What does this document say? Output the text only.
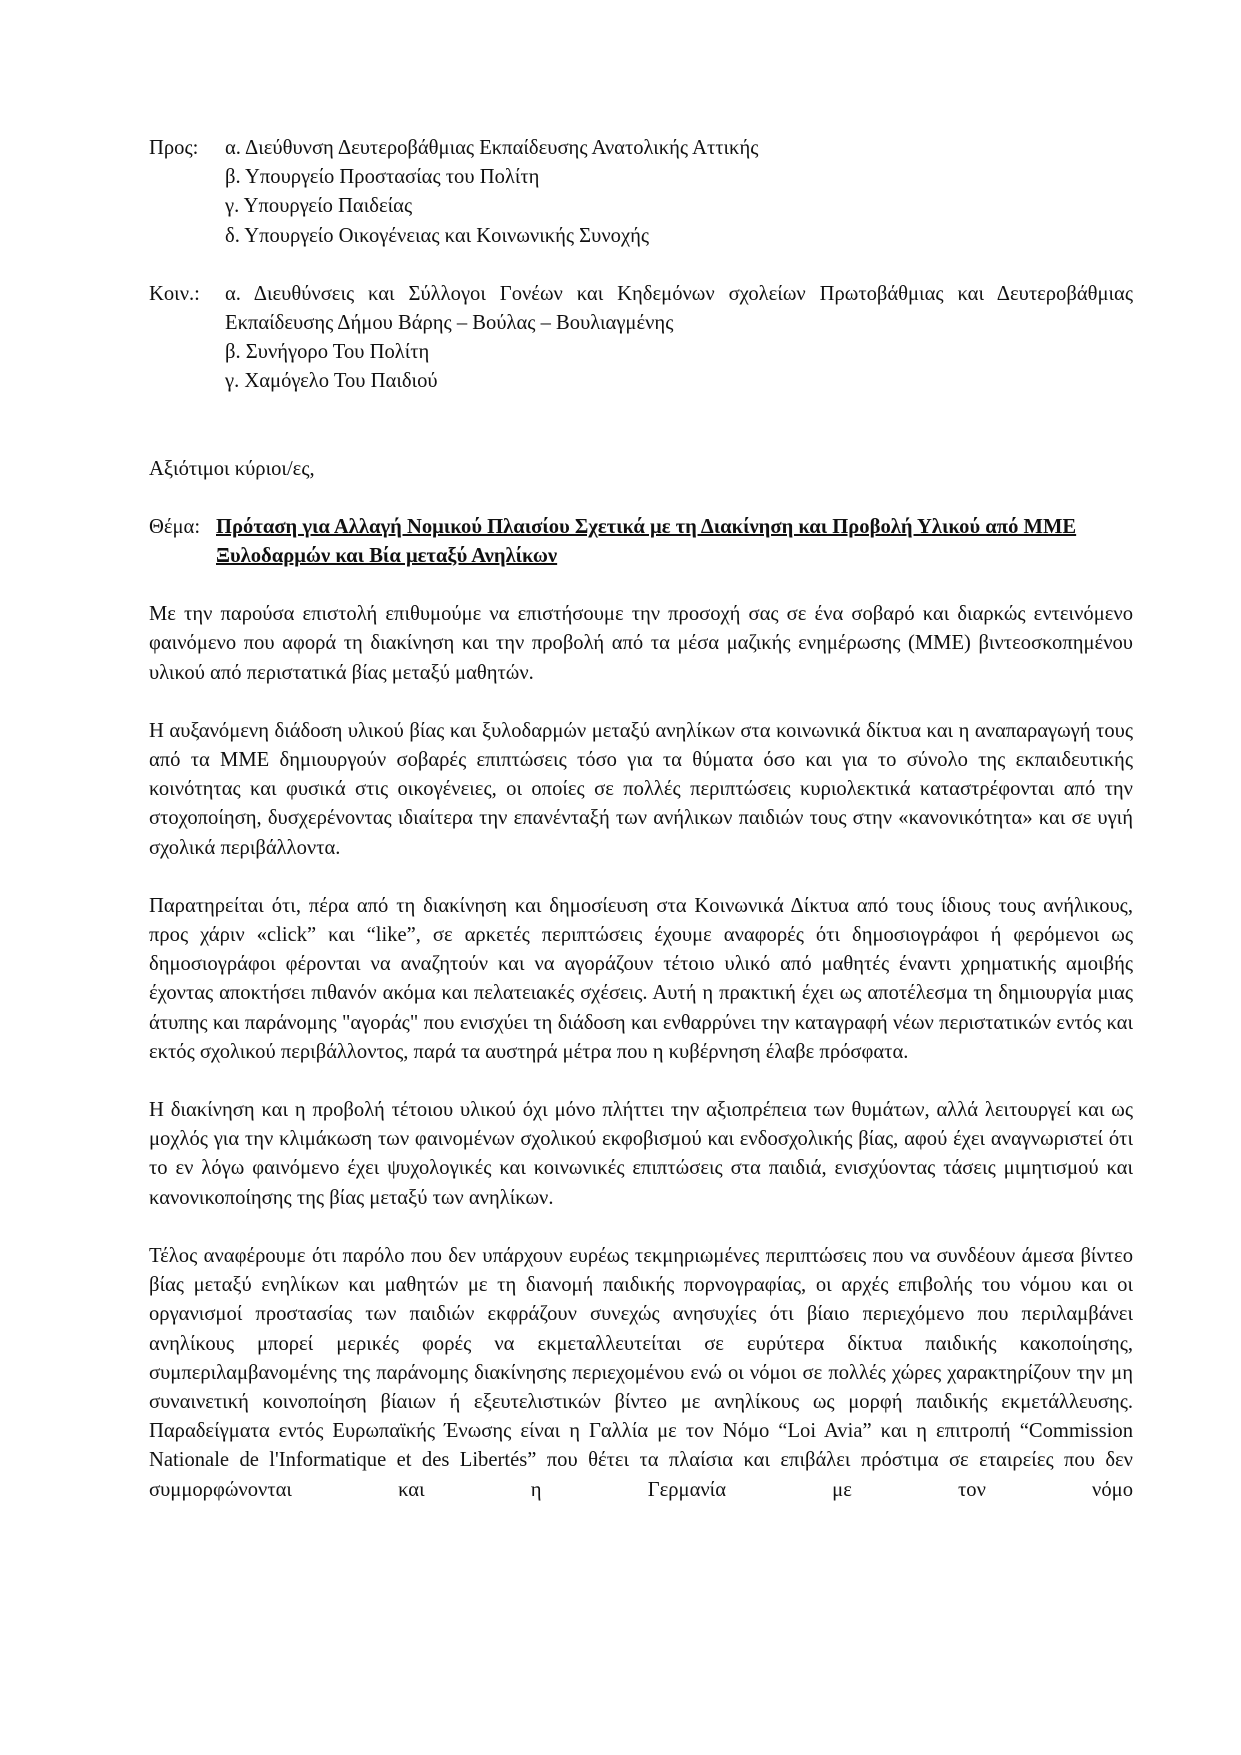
Προς:	α. Διεύθυνση Δευτεροβάθμιας Εκπαίδευσης Ανατολικής Αττικής
β. Υπουργείο Προστασίας του Πολίτη
γ. Υπουργείο Παιδείας
δ. Υπουργείο Οικογένειας και Κοινωνικής Συνοχής
Κοιν.:	α. Διευθύνσεις και Σύλλογοι Γονέων και Κηδεμόνων σχολείων Πρωτοβάθμιας και Δευτεροβάθμιας Εκπαίδευσης Δήμου Βάρης – Βούλας – Βουλιαγμένης
β. Συνήγορο Του Πολίτη
γ. Χαμόγελο Του Παιδιού
Αξιότιμοι κύριοι/ες,
Θέμα: Πρόταση για Αλλαγή Νομικού Πλαισίου Σχετικά με τη Διακίνηση και Προβολή Υλικού από ΜΜΕ Ξυλοδαρμών και Βία μεταξύ Ανηλίκων

Με την παρούσα επιστολή επιθυμούμε να επιστήσουμε την προσοχή σας σε ένα σοβαρό και διαρκώς εντεινόμενο φαινόμενο που αφορά τη διακίνηση και την προβολή από τα μέσα μαζικής ενημέρωσης (ΜΜΕ) βιντεοσκοπημένου υλικού από περιστατικά βίας μεταξύ μαθητών.

Η αυξανόμενη διάδοση υλικού βίας και ξυλοδαρμών μεταξύ ανηλίκων στα κοινωνικά δίκτυα και η αναπαραγωγή τους από τα ΜΜΕ δημιουργούν σοβαρές επιπτώσεις τόσο για τα θύματα όσο και για το σύνολο της εκπαιδευτικής κοινότητας και φυσικά στις οικογένειες, οι οποίες σε πολλές περιπτώσεις κυριολεκτικά καταστρέφονται από την στοχοποίηση, δυσχερένοντας ιδιαίτερα την επανένταξή των ανήλικων παιδιών τους στην «κανονικότητα» και σε υγιή σχολικά περιβάλλοντα.

Παρατηρείται ότι, πέρα από τη διακίνηση και δημοσίευση στα Κοινωνικά Δίκτυα από τους ίδιους τους ανήλικους, προς χάριν «click” και “like”, σε αρκετές περιπτώσεις έχουμε αναφορές ότι δημοσιογράφοι ή φερόμενοι ως δημοσιογράφοι φέρονται να αναζητούν και να αγοράζουν τέτοιο υλικό από μαθητές έναντι χρηματικής αμοιβής έχοντας αποκτήσει πιθανόν ακόμα και πελατειακές σχέσεις. Αυτή η πρακτική έχει ως αποτέλεσμα τη δημιουργία μιας άτυπης και παράνομης "αγοράς" που ενισχύει τη διάδοση και ενθαρρύνει την καταγραφή νέων περιστατικών εντός και εκτός σχολικού περιβάλλοντος, παρά τα αυστηρά μέτρα που η κυβέρνηση έλαβε πρόσφατα.

Η διακίνηση και η προβολή τέτοιου υλικού όχι μόνο πλήττει την αξιοπρέπεια των θυμάτων, αλλά λειτουργεί και ως μοχλός για την κλιμάκωση των φαινομένων σχολικού εκφοβισμού και ενδοσχολικής βίας, αφού έχει αναγνωριστεί ότι το εν λόγω φαινόμενο έχει ψυχολογικές και κοινωνικές επιπτώσεις στα παιδιά, ενισχύοντας τάσεις μιμητισμού και κανονικοποίησης της βίας μεταξύ των ανηλίκων.

Τέλος αναφέρουμε ότι παρόλο που δεν υπάρχουν ευρέως τεκμηριωμένες περιπτώσεις που να συνδέουν άμεσα βίντεο βίας μεταξύ ενηλίκων και μαθητών με τη διανομή παιδικής πορνογραφίας, οι αρχές επιβολής του νόμου και οι οργανισμοί προστασίας των παιδιών εκφράζουν συνεχώς ανησυχίες ότι βίαιο περιεχόμενο που περιλαμβάνει ανηλίκους μπορεί μερικές φορές να εκμεταλλευτείται σε ευρύτερα δίκτυα παιδικής κακοποίησης, συμπεριλαμβανομένης της παράνομης διακίνησης περιεχομένου ενώ οι νόμοι σε πολλές χώρες χαρακτηρίζουν την μη συναινετική κοινοποίηση βίαιων ή εξευτελιστικών βίντεο με ανηλίκους ως μορφή παιδικής εκμετάλλευσης. Παραδείγματα εντός Ευρωπαϊκής Ένωσης είναι η Γαλλία με τον Νόμο “Loi Avia” και η επιτροπή “Commission Nationale de l'Informatique et des Libertés” που θέτει τα πλαίσια και επιβάλει πρόστιμα σε εταιρείες που δεν συμμορφώνονται και η Γερμανία με τον νόμο
